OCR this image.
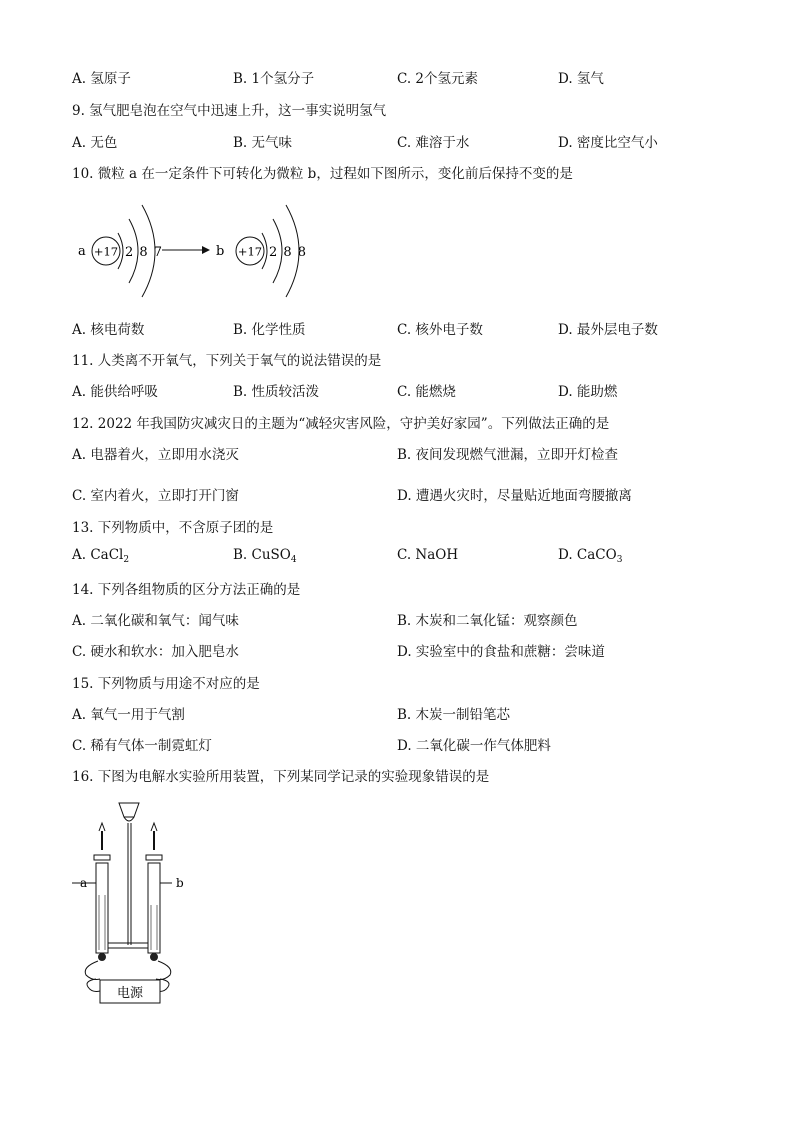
A. 氢原子	B. 1个氢分子	C. 2个氢元素	D. 氢气
9. 氢气肥皂泡在空气中迅速上升，这一事实说明氢气
A. 无色	B. 无气味	C. 难溶于水	D. 密度比空气小
10. 微粒 a 在一定条件下可转化为微粒 b，过程如下图所示，变化前后保持不变的是
a +17 2 8 7	b +17 2 8 8
A. 核电荷数	B. 化学性质	C. 核外电子数	D. 最外层电子数
11. 人类离不开氧气，下列关于氧气的说法错误的是
A. 能供给呼吸	B. 性质较活泼	C. 能燃烧	D. 能助燃
12. 2022 年我国防灾减灾日的主题为“减轻灾害风险，守护美好家园”。下列做法正确的是
A. 电器着火，立即用水浇灭	B. 夜间发现燃气泄漏，立即开灯检查
C. 室内着火，立即打开门窗	D. 遭遇火灾时，尽量贴近地面弯腰撤离
13. 下列物质中，不含原子团的是
A. CaCl$_2$	B. CuSO$_4$	C. NaOH	D. CaCO$_3$
14. 下列各组物质的区分方法正确的是
A. 二氧化碳和氧气：闻气味	B. 木炭和二氧化锰：观察颜色
C. 硬水和软水：加入肥皂水	D. 实验室中的食盐和蔗糖：尝味道
15. 下列物质与用途不对应的是
A. 氧气一用于气割	B. 木炭一制铅笔芯
C. 稀有气体一制霓虹灯	D. 二氧化碳一作气体肥料
16. 下图为电解水实验所用装置，下列某同学记录的实验现象错误的是
a	b
电源
